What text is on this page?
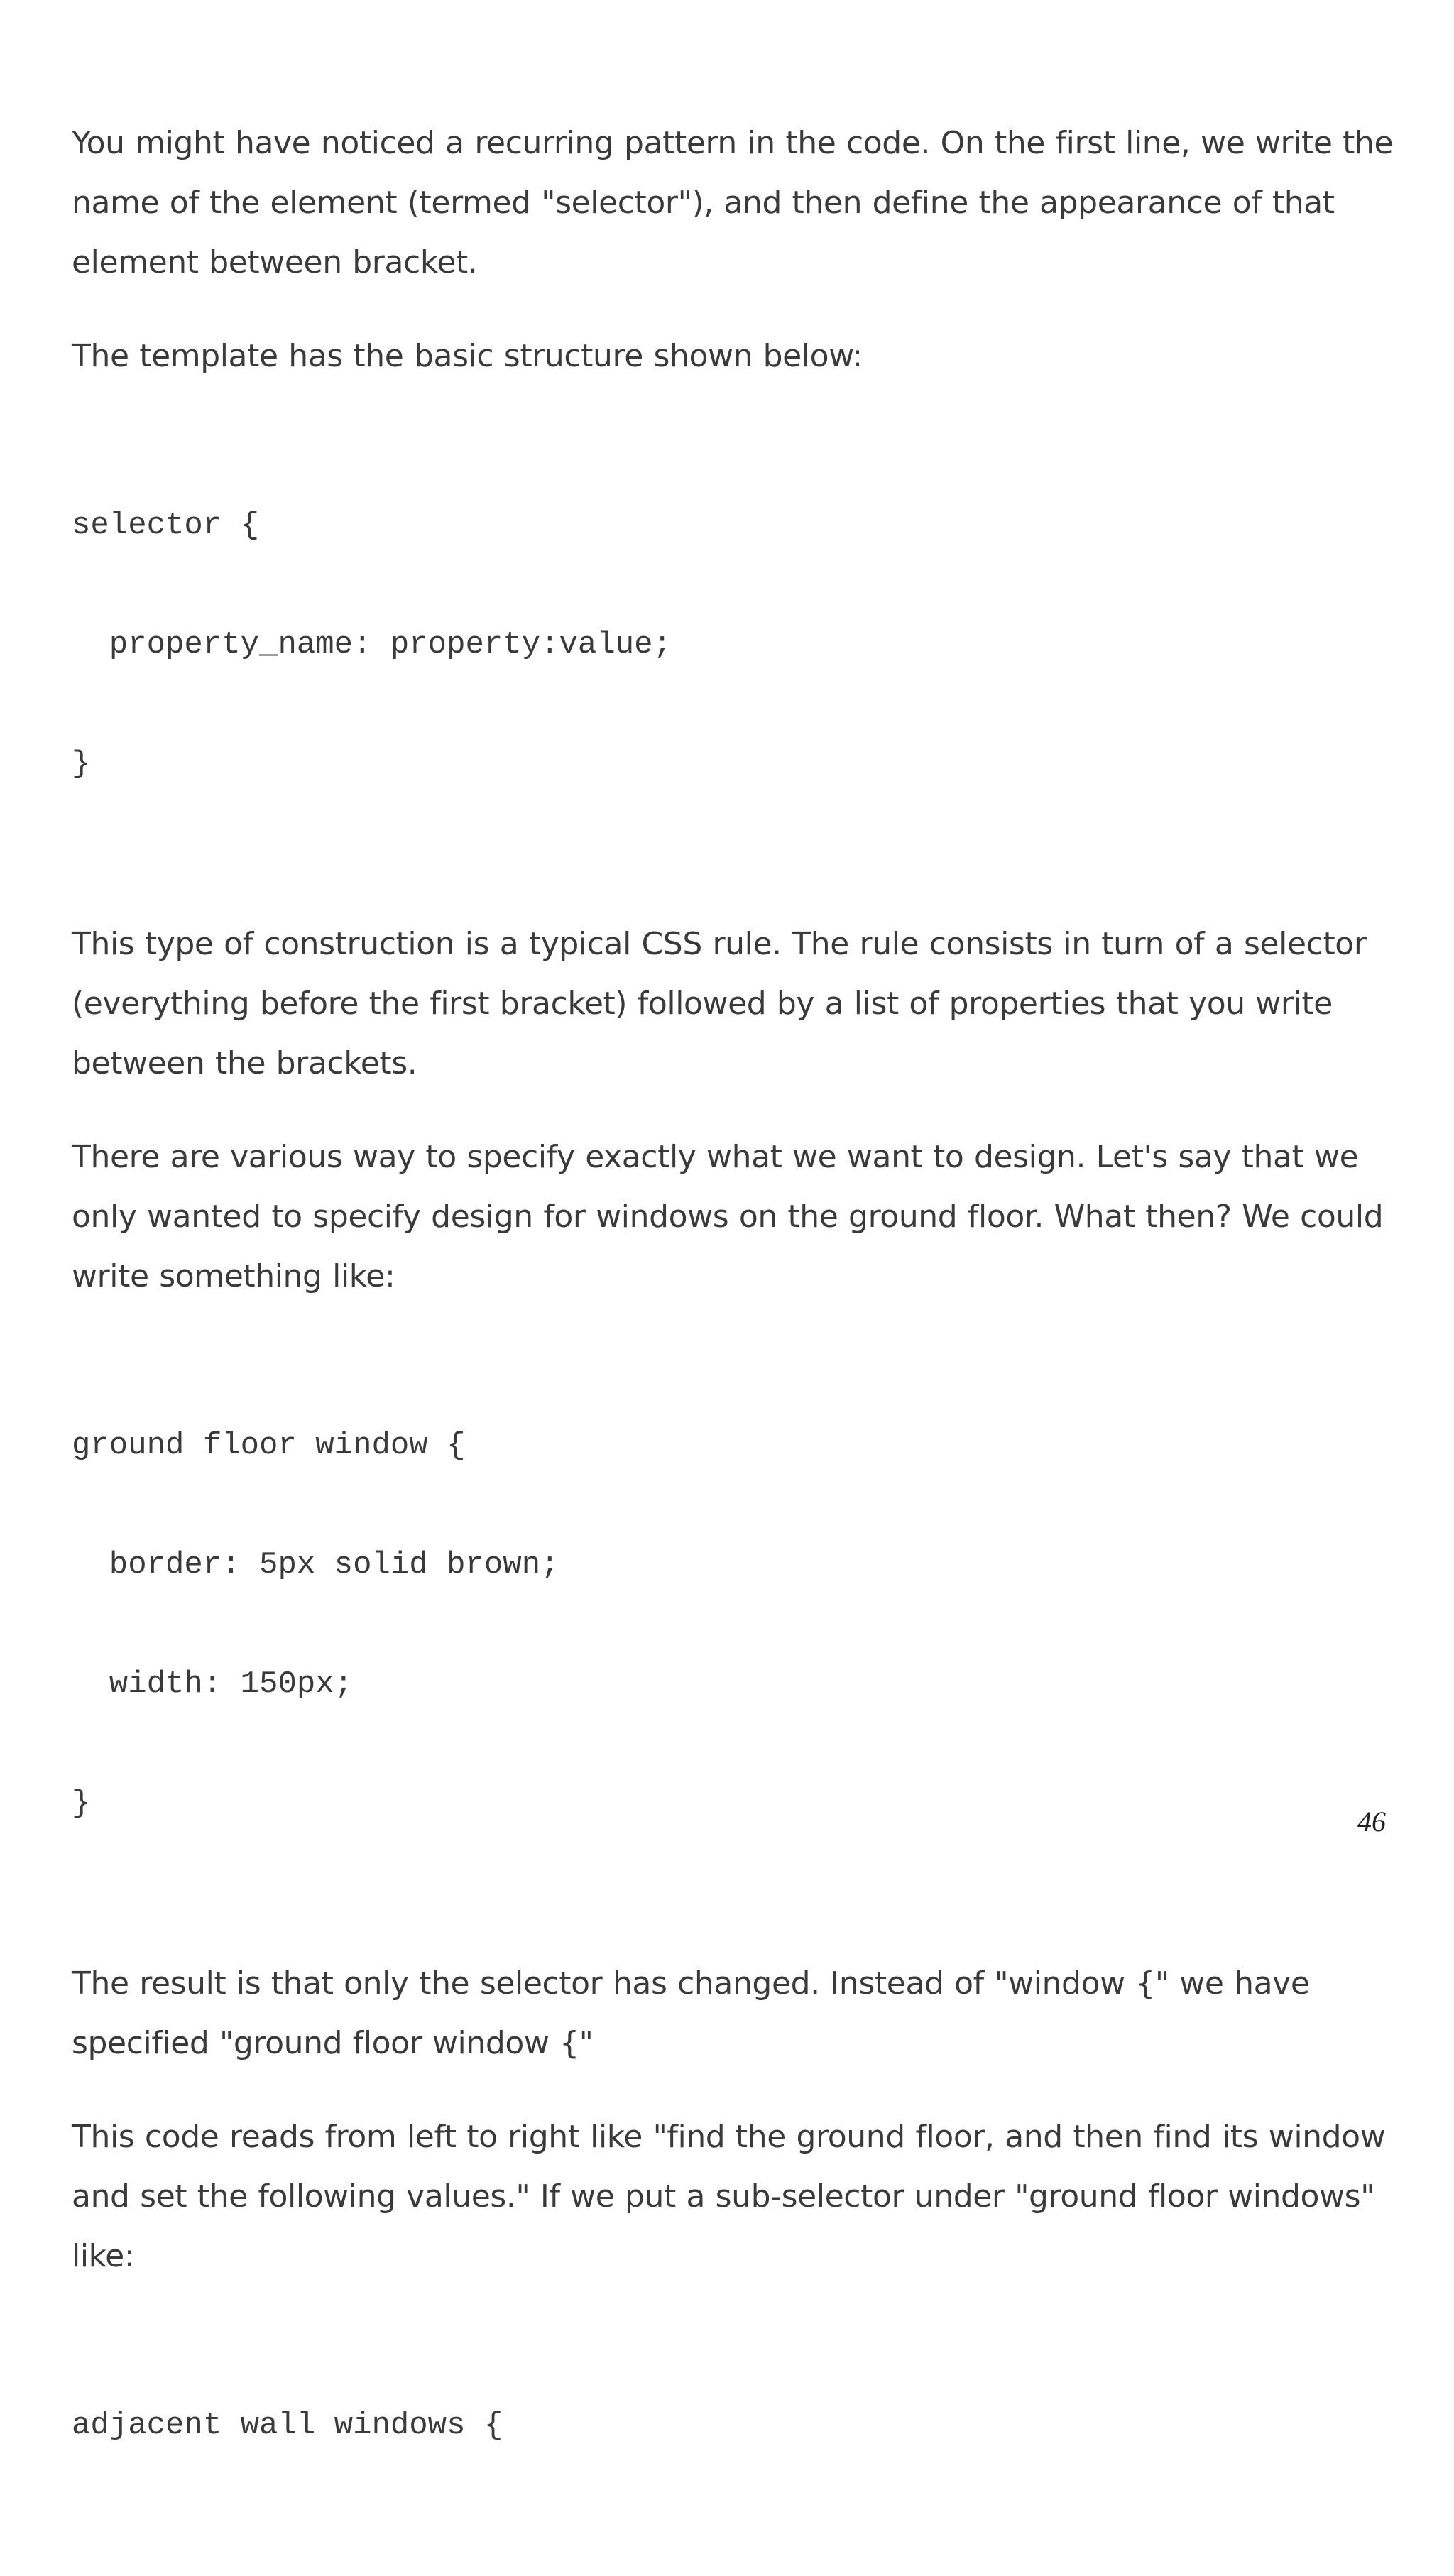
You might have noticed a recurring pattern in the code. On the first line, we write the name of the element (termed "selector"), and then define the appearance of that element between bracket.

The template has the basic structure shown below:

selector {

property_name: property:value;

}

This type of construction is a typical CSS rule. The rule consists in turn of a selector (everything before the first bracket) followed by a list of properties that you write between the brackets.

There are various way to specify exactly what we want to design. Let's say that we only wanted to specify design for windows on the ground floor. What then? We could write something like:

ground floor window {

border: 5px solid brown;

width: 150px;

}

The result is that only the selector has changed. Instead of "window {" we have specified "ground floor window {"

This code reads from left to right like "find the ground floor, and then find its window and set the following values." If we put a sub-selector under "ground floor windows" like:

adjacent wall windows {

46
